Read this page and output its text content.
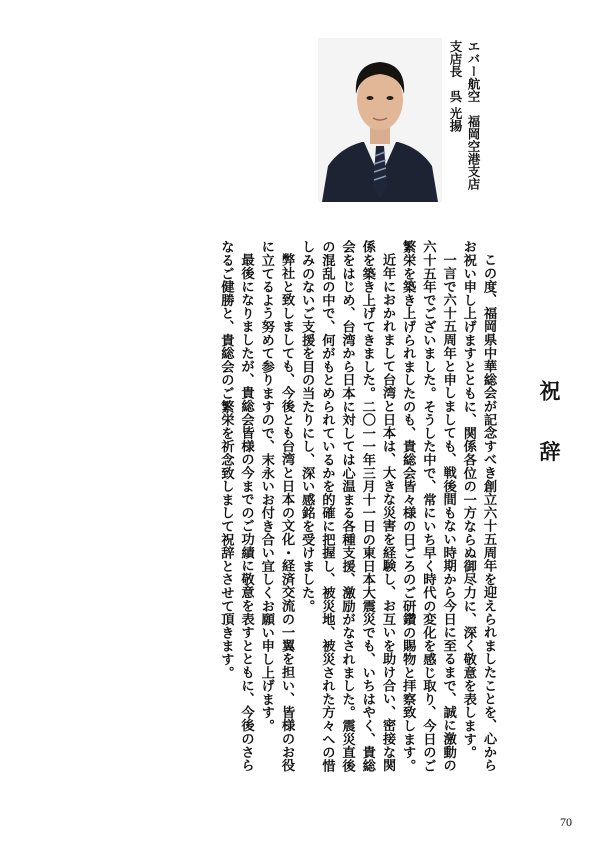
祝 辞
エバー航空　福岡空港支店
支店長　呉 光揚

この度、福岡県中華総会が記念すべき創立六十五周年を迎えられましたことを、心からお祝い申し上げますとともに、関係各位の一方ならぬ御尽力に、深く敬意を表します。

一言で六十五周年と申しましても、戦後間もない時期から今日に至るまで、誠に激動の六十五年でございました。そうした中で、常にいち早く時代の変化を感じ取り、今日のご繁栄を築き上げられましたのも、貴総会皆々様の日ごろのご研鑽の賜物と拝察致します。

近年におかれまして台湾と日本は、大きな災害を経験し、お互いを助け合い、密接な関係を築き上げてきました。二〇一一年三月十一日の東日本大震災でも、いちはやく、貴総会をはじめ、台湾から日本に対しては心温まる各種支援、激励がなされました。震災直後の混乱の中で、何がもとめられているかを的確に把握し、被災地、被災された方々への惜しみのないご支援を目の当たりにし、深い感銘を受けました。

弊社と致しましても、今後とも台湾と日本の文化・経済交流の一翼を担い、皆様のお役に立てるよう努めて参りますので、末永いお付き合い宜しくお願い申し上げます。

最後になりましたが、貴総会皆様の今までのご功績に敬意を表すとともに、今後のさらなるご健勝と、貴総会のご繁栄を祈念致しまして祝辞とさせて頂きます。

70
